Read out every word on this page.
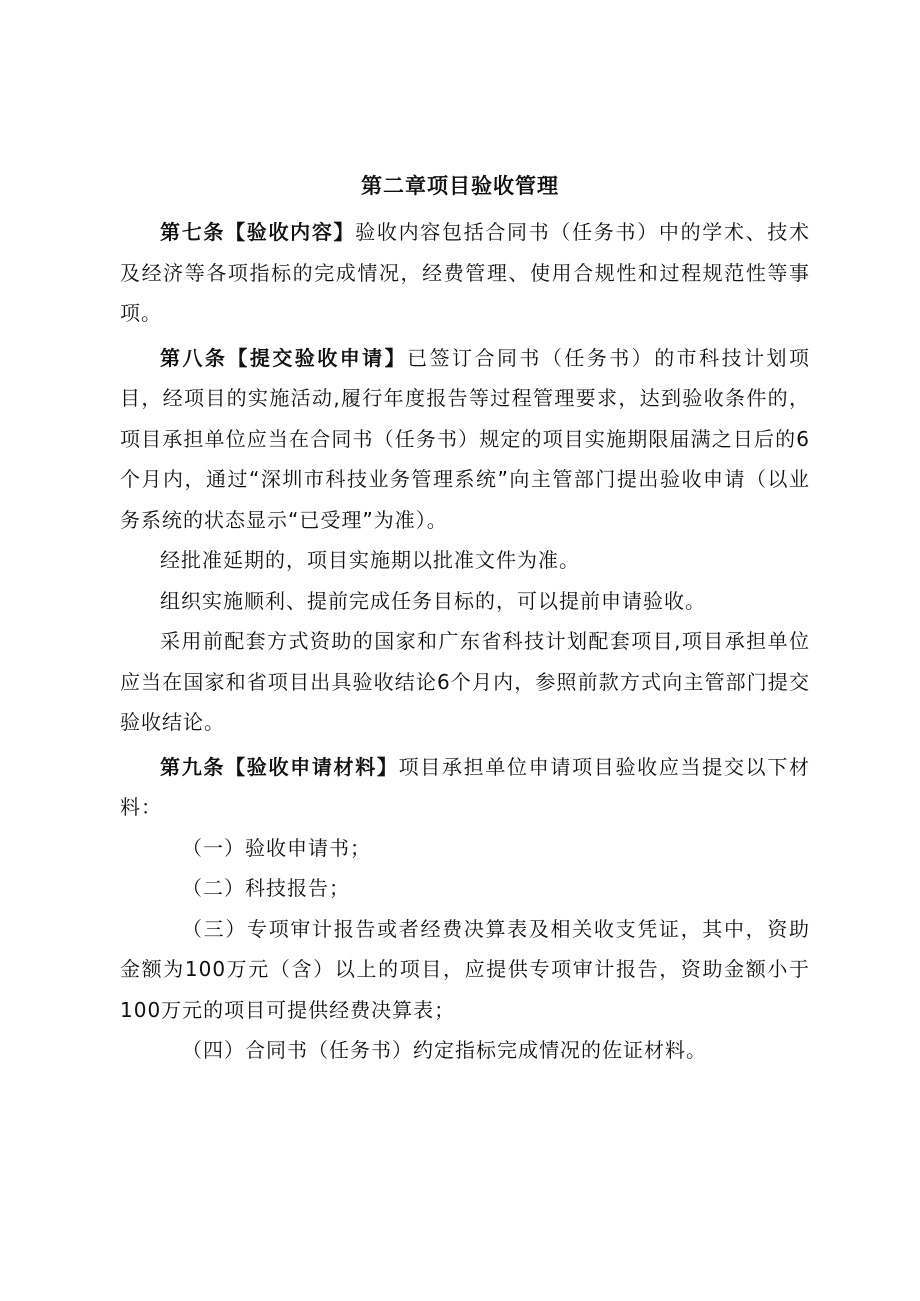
第二章项目验收管理

第七条【验收内容】验收内容包括合同书（任务书）中的学术、技术及经济等各项指标的完成情况，经费管理、使用合规性和过程规范性等事项。

第八条【提交验收申请】已签订合同书（任务书）的市科技计划项目，经项目的实施活动,履行年度报告等过程管理要求，达到验收条件的，项目承担单位应当在合同书（任务书）规定的项目实施期限届满之日后的6个月内，通过“深圳市科技业务管理系统”向主管部门提出验收申请（以业务系统的状态显示“已受理”为准）。

经批准延期的，项目实施期以批准文件为准。

组织实施顺利、提前完成任务目标的，可以提前申请验收。

采用前配套方式资助的国家和广东省科技计划配套项目,项目承担单位应当在国家和省项目出具验收结论6个月内，参照前款方式向主管部门提交验收结论。

第九条【验收申请材料】项目承担单位申请项目验收应当提交以下材料：

（一）验收申请书；

（二）科技报告；

（三）专项审计报告或者经费决算表及相关收支凭证，其中，资助金额为100万元（含）以上的项目，应提供专项审计报告，资助金额小于100万元的项目可提供经费决算表；

（四）合同书（任务书）约定指标完成情况的佐证材料。
